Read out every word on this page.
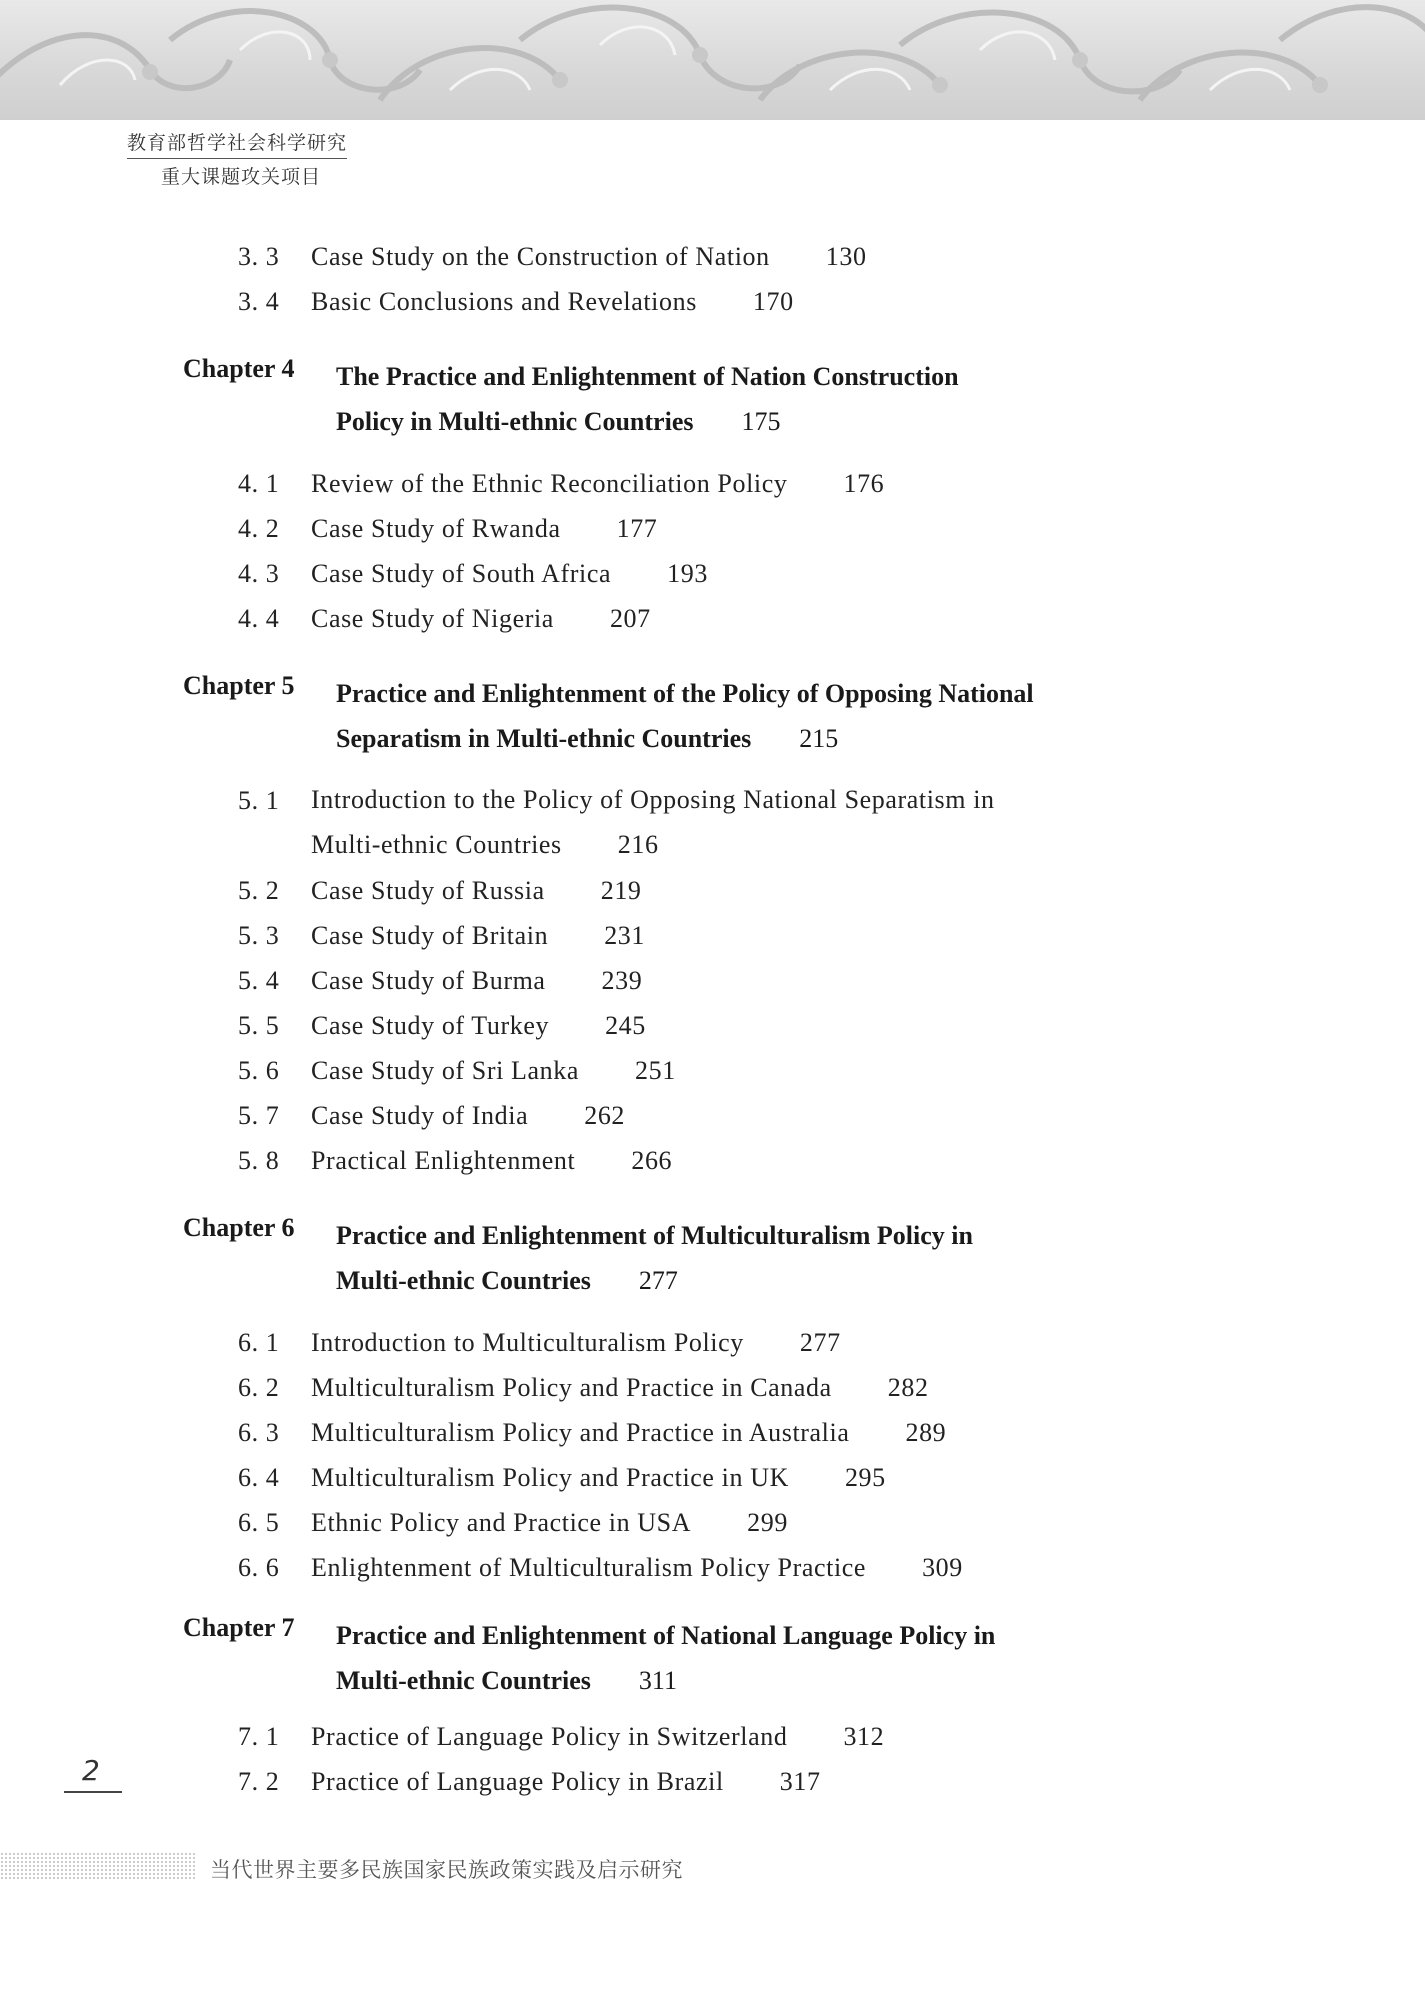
教育部哲学社会科学研究
重大课题攻关项目
3. 3 Case Study on the Construction of Nation 130
3. 4 Basic Conclusions and Revelations 170
Chapter 4 The Practice and Enlightenment of Nation Construction
Policy in Multi-ethnic Countries 175
4. 1 Review of the Ethnic Reconciliation Policy 176
4. 2 Case Study of Rwanda 177
4. 3 Case Study of South Africa 193
4. 4 Case Study of Nigeria 207
Chapter 5 Practice and Enlightenment of the Policy of Opposing National
Separatism in Multi-ethnic Countries 215
5. 1 Introduction to the Policy of Opposing National Separatism in
Multi-ethnic Countries 216
5. 2 Case Study of Russia 219
5. 3 Case Study of Britain 231
5. 4 Case Study of Burma 239
5. 5 Case Study of Turkey 245
5. 6 Case Study of Sri Lanka 251
5. 7 Case Study of India 262
5. 8 Practical Enlightenment 266
Chapter 6 Practice and Enlightenment of Multiculturalism Policy in
Multi-ethnic Countries 277
6. 1 Introduction to Multiculturalism Policy 277
6. 2 Multiculturalism Policy and Practice in Canada 282
6. 3 Multiculturalism Policy and Practice in Australia 289
6. 4 Multiculturalism Policy and Practice in UK 295
6. 5 Ethnic Policy and Practice in USA 299
6. 6 Enlightenment of Multiculturalism Policy Practice 309
Chapter 7 Practice and Enlightenment of National Language Policy in
Multi-ethnic Countries 311
7. 1 Practice of Language Policy in Switzerland 312
7. 2 Practice of Language Policy in Brazil 317
2
当代世界主要多民族国家民族政策实践及启示研究
